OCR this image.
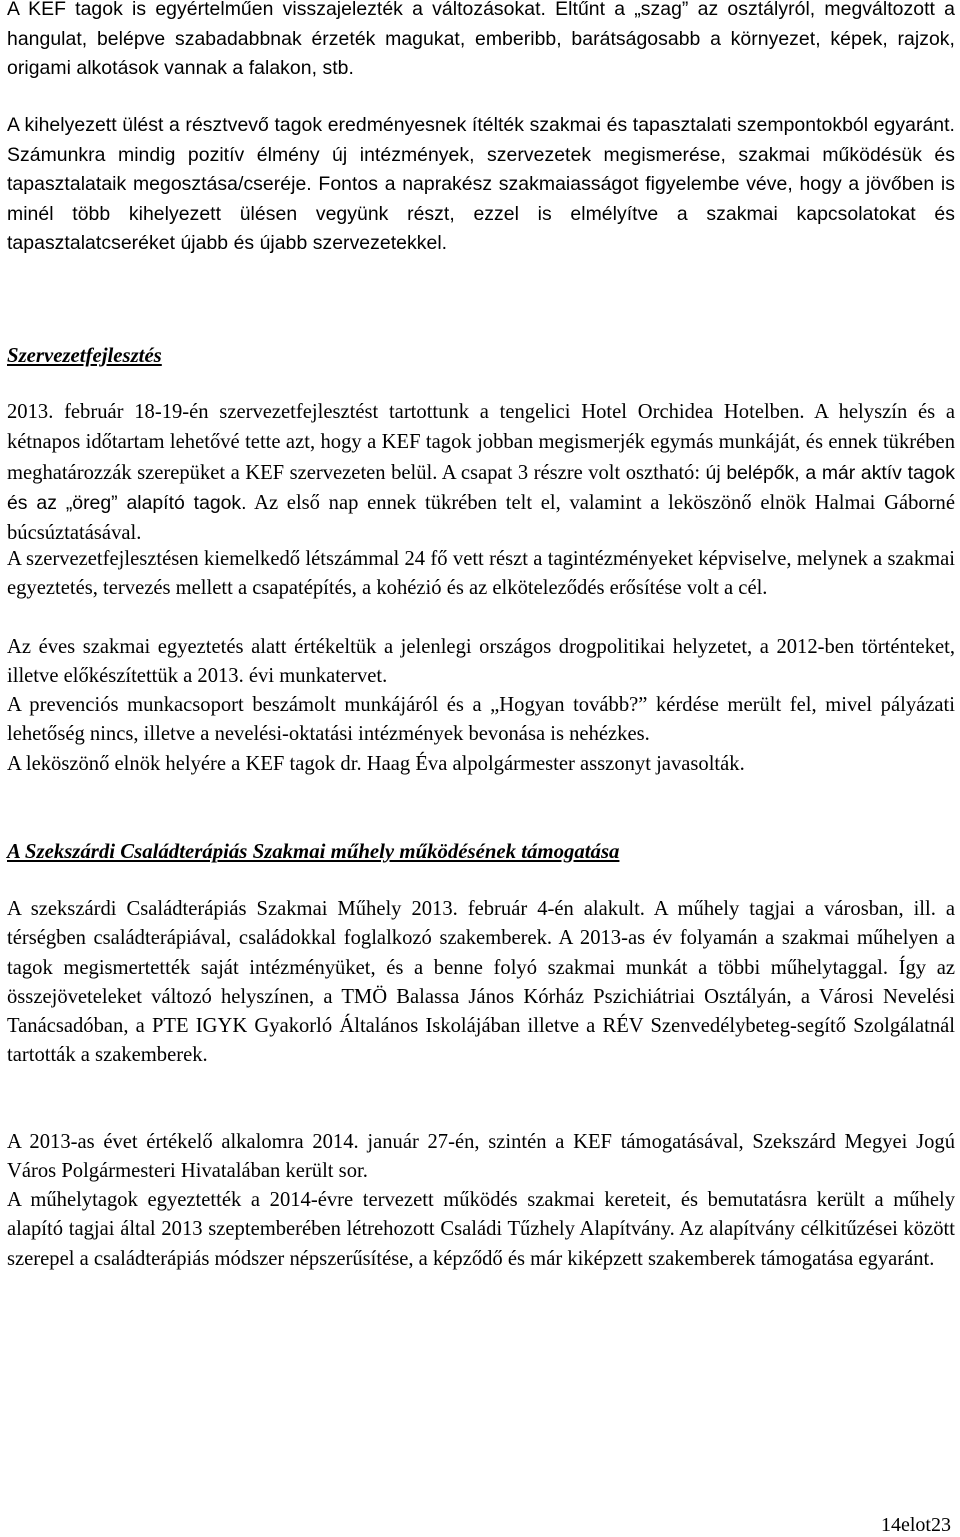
A KEF tagok is egyértelműen visszajelezték a változásokat. Eltűnt a „szag” az osztályról, megváltozott a hangulat, belépve szabadabbnak érzeték magukat, emberibb, barátságosabb a környezet, képek, rajzok, origami alkotások vannak a falakon, stb.

A kihelyezett ülést a résztvevő tagok eredményesnek ítélték szakmai és tapasztalati szempontokból egyaránt. Számunkra mindig pozitív élmény új intézmények, szervezetek megismerése, szakmai működésük és tapasztalataik megosztása/cseréje. Fontos a naprakész szakmaiasságot figyelembe véve, hogy a jövőben is minél több kihelyezett ülésen vegyünk részt, ezzel is elmélyítve a szakmai kapcsolatokat és tapasztalatcseréket újabb és újabb szervezetekkel.

Szervezetfejlesztés

2013. február 18-19-én szervezetfejlesztést tartottunk a tengelici Hotel Orchidea Hotelben. A helyszín és a kétnapos időtartam lehetővé tette azt, hogy a KEF tagok jobban megismerjék egymás munkáját, és ennek tükrében meghatározzák szerepüket a KEF szervezeten belül. A csapat 3 részre volt osztható: új belépők, a már aktív tagok és az „öreg” alapító tagok. Az első nap ennek tükrében telt el, valamint a leköszönő elnök Halmai Gáborné búcsúztatásával.

A szervezetfejlesztésen kiemelkedő létszámmal 24 fő vett részt a tagintézményeket képviselve, melynek a szakmai egyeztetés, tervezés mellett a csapatépítés, a kohézió és az elköteleződés erősítése volt a cél.

Az éves szakmai egyeztetés alatt értékeltük a jelenlegi országos drogpolitikai helyzetet, a 2012-ben történteket, illetve előkészítettük a 2013. évi munkatervet.

A prevenciós munkacsoport beszámolt munkájáról és a „Hogyan tovább?” kérdése merült fel, mivel pályázati lehetőség nincs, illetve a nevelési-oktatási intézmények bevonása is nehézkes.

A leköszönő elnök helyére a KEF tagok dr. Haag Éva alpolgármester asszonyt javasolták.

A Szekszárdi Családterápiás Szakmai műhely működésének támogatása

A szekszárdi Családterápiás Szakmai Műhely 2013. február 4-én alakult. A műhely tagjai a városban, ill. a térségben családterápiával, családokkal foglalkozó szakemberek. A 2013-as év folyamán a szakmai műhelyen a tagok megismertették saját intézményüket, és a benne folyó szakmai munkát a többi műhelytaggal. Így az összejöveteleket változó helyszínen, a TMÖ Balassa János Kórház Pszichiátriai Osztályán, a Városi Nevelési Tanácsadóban, a PTE IGYK Gyakorló Általános Iskolájában illetve a RÉV Szenvedélybeteg-segítő Szolgálatnál tartották a szakemberek.

A 2013-as évet értékelő alkalomra 2014. január 27-én, szintén a KEF támogatásával, Szekszárd Megyei Jogú Város Polgármesteri Hivatalában került sor.

A műhelytagok egyeztették a 2014-évre tervezett működés szakmai kereteit, és bemutatásra került a műhely alapító tagjai által 2013 szeptemberében létrehozott Családi Tűzhely Alapítvány. Az alapítvány célkitűzései között szerepel a családterápiás módszer népszerűsítése, a képződő és már kiképzett szakemberek támogatása egyaránt.

14elot23
